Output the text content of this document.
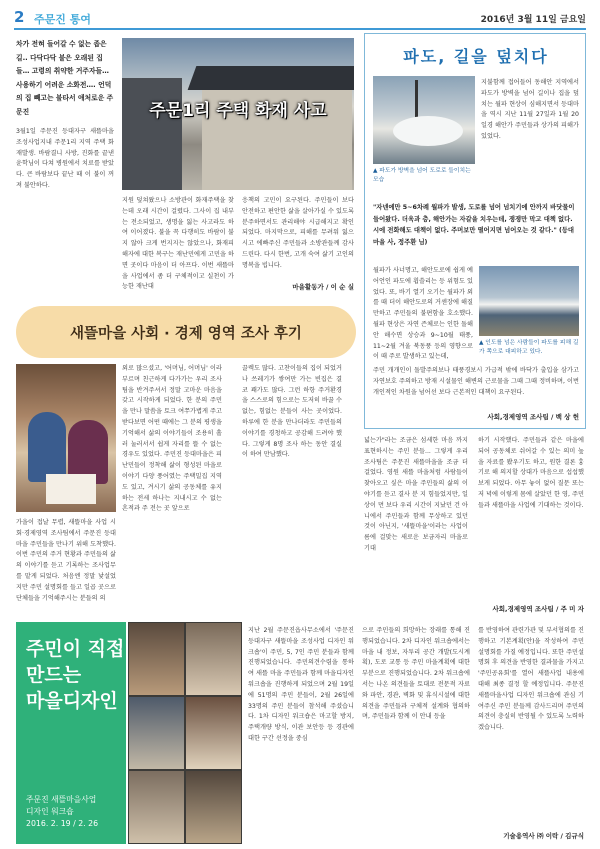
2 주문진 통여	2016년 3월 11일 금요일

차가 전혀 들어갈 수 없는 좁은 길.. 다닥다닥 붙은 오래된 집들… 고령의 취약한 거주자들… 사용하기 어려운 소화전…. 언덕의 집 빼고는 불타서 애처로운 주문진

3월1일 주문진 등대자구 새뜰마을 조성사업지내 주문1리 지역 주택 화재발생. 바람결니 사방, 진화를 끝낸 윤학님이 다쳐 병원에서 치료를 받았다. 큰 바람보다 끝난 때 이 불이 꺼져 불안하다.

주문1리 주택 화재 사고
지원 덮쳐왔으나 소방관이 화재주택을 찾는데 오래 시간이 걸렸다. 그사이 집 내부는 전소되었고, 생명을 잃는 사고라도 하여 이어졌다. 불을 꼭 다행히도 바람이 불지 않아 크게 번지지는 않았으나, 화재피해자에 대한 복구는 재난민에게 고민을 하면 곳이다 마음이 더 아프다. 이번 새뜰마을 사업에서 좀 더 구체적이고 실천이 가능한 재난대

응책의 고민이 요구된다. 주민들이 보다 안전하고 편안한 삶을 살아가실 수 있도록 분주하면서도 관리해야 시급해지고 확인되었다. 마지막으로, 피해를 무려워 잃으시고 에빠주신 주민들과 소방관들께 감사드린다. 다시 한번, 고개 숙여 삶기 고인의 명복을 빕니다.

마을활동가 / 이 순 실

파도, 길을 덮치다
▲ 파도가 방벽을 넘어 도로로 들이치는 모습
지불함께 접어들어 동해안 지역에서 파도가 방벽을 넘어 길이나 집을 덮치는 월파 현상이 심해지면서 등대마을 역시 지난 11월 27일과 1월 20일경 해안가 주민들과 상가의 피해가 있었다.
"자넨에만 5~6차례 월파가 발생, 도로를 넘어 넘치기에 안까지 바닷물이 들어왔다. 더욱과 층, 해안가는 자갈을 치우는데, 쟁쟁만 막고 대책 없다. 시에 전화해도 대책이 없다. 주머보만 떨어지면 넘어오는 것 같다." (등대마을 사, 정주환 님)
월파가 사너명고, 해안도로에 쉽게 예어언인 파도에 휩쓸리는 등 위험도 있었다. 또, 바기 열기 오기는 월파가 외를 때 더이 해안도로의 거센장에 해질만하고 주민들의 불편함을 호소했다. 월파 현상은 자연 즌체로는 인한 돌해안 해수면 상승과 9~10월 태풍, 11~2월 겨울 북동풍 등의 영향으로 이 때 주로 발생하고 있는데,
▲ 인도를 넘은 사람들이 파도를 피해 길가 쪽으로 대피하고 있다.
주민 개개인이 돌발주의보나 태풍경보시 가급적 밖에 바닥가 출입을 삼가고 자연보호 주의하고 방재 시설물인 해변의 근로물을 그때 그때 정비하며, 이번 개인적인 차원을 넘어선 보다 근본적인 대책이 요구된다.
사회,경제영역 조사팀 / 백 상 헌
새뜰마을 사회 · 경제 영역 조사 후기
가을이 접날 무렵, 새뜰마을 사업 시회·경제영역 조사팀에서 주문진 등대마을 주민들을 만나기 위해 도착했다. 이번 주민의 주거 현황과 주민들의 삶의 이야기를 듣고 기록하는 조사업무를 맡게 되었다. 처음엔 정말 낯설었지만 주민 설명회를 들고 일곱 곳으로 단체들을 기억해주시는 분들의 의
외로 많으셨고, '어머님, 어머님' 이라 부르며 친근하게 다가가는 우리 조사팀을 반겨주셔서 정말 고마운 마음을 갖고 시작하게 되었다. 한 분의 주민을 만나 말씀을 토크 여쭈가볍게 주고 받다보면 어떤 때에는 그 분의 평생을 기억해서 삶의 이야기들이 조용히 흘러 눌러서서 쉽게 자리를 뜰 수 없는 경우도 있었다. 주민진 등대마을은 피난민들이 정착해 삶이 형성된 마을로 이야기 다양 풍어였는 주택밀집 지역도 있고, 겨시기 삶의 공동체를 유지하는 전세 하나는 지내시고 수 없는 흔적과 주 전는 곳 앞으로
끌렉도 많다. 고찬이들의 집이 되었거나 쓰레기가 쌓여만 가는 빈집은 결 코 꽤가도 많다. 그런 하항 주거환경을 스스로의 힘으로는 도저히 바꿀 수 없는, 힘없는 분들이 사는 곳이었다. 하루에 한 분을 만나더라도 주민들의 이야기를 경청하고 공감해 드려야 했다. 그렇게 8명 조사 하는 동안 결실이 하여 만남했다.
넓는가"라는 조금은 섬세한 마음 까지 표현하시는 주민 분들... 그렇게 우리 조사팀은 주문진 새뜰마을을 조금 더 걸었다. 영원 새뜰 마을처럼 사람들이 찾아오고 싶은 마을 주민들의 삶의 이야기를 듣고 결사 분 지 힘들었지만, 일상이 먼 보다 우리 시간이 지났던 건 아니에서 주민들과 함께 무상하고 있던 것이 아닌지, '새뜰마을'이라는 사업이름에 걸맞는 새로운 보금자리 마을로 기대
하기 시작했다. 주민들과 같은 마을에 되어 공동체로 쉬어갈 수 있는 의미 높을 자료를 봤우기도 하고, 원한 결론 흉기로 해 의지할 상대가 마음으로 섭섭했보게 되었다. 아무 놓이 없어 질문 또는 저 녁에 이렇게 몸에 살았던 한 영, 주민들과 새뜰마을 사업에 기대하는 것이다.
사회,경제영역 조사팀 / 주 미 자
주민이 직접
만드는
마을디자인
주문진 새뜰마을사업
디자인 워크숍
2016. 2. 19 / 2. 26
지난 2월 주문진읍사무소에서 '주문진 등대자구 새뜰마을 조성사업 디자인 워크숍'이 주민, 5, 7인 주민 분들과 함께 진행되었습니다. 주민의견수렴을 통하여 새뜰 마을 주민들과 함께 마을디자인 워크숍을 진행하게 되었으며 2월 19일에 51명의 주민 분들이, 2월 26일에 33명의 주민 분들이 참석해 주셨습니다. 1차 디자인 워크숍은 마고할 방지, 주택개량 방식, 이관 보안등 등 경관에 대한 구간 선정을 중심
으로 주민들의 희망하는 장래를 통해 진행되었습니다. 2차 디자인 워크숍에서는 마을 내 정보, 자투리 공간 개발(도시계획), 도로 교통 등 주민 마을계획에 대한 부분으로 진행되었습니다. 2차 워크숍에서는 나온 의견들을 토대로 전문적 자료와 파안, 경관, 벽화 및 휴식시설에 대한 의견을 주민들과 구체적 설계와 협의하며, 주민들과 함께 이 안내 등을
를 반영하여 관련가관 및 부서협의를 진행하고 기본계획(안)을 작성하여 주민설명회를 가질 예정입니다. 또한 주민설명회 후 의견을 반영한 결과물을 가지고 '주민공유회'를 열어 새뜰사업 내용에 대해 최종 결정 할 예정입니다. 주문진 새뜰마을사업 디자인 워크숍에 관심 기여주신 주민 분들께 감사드리며 주민의 의견이 충실히 반영될 수 있도록 노력하겠습니다.
기술용역사 ㈜ 이락 / 김규식
